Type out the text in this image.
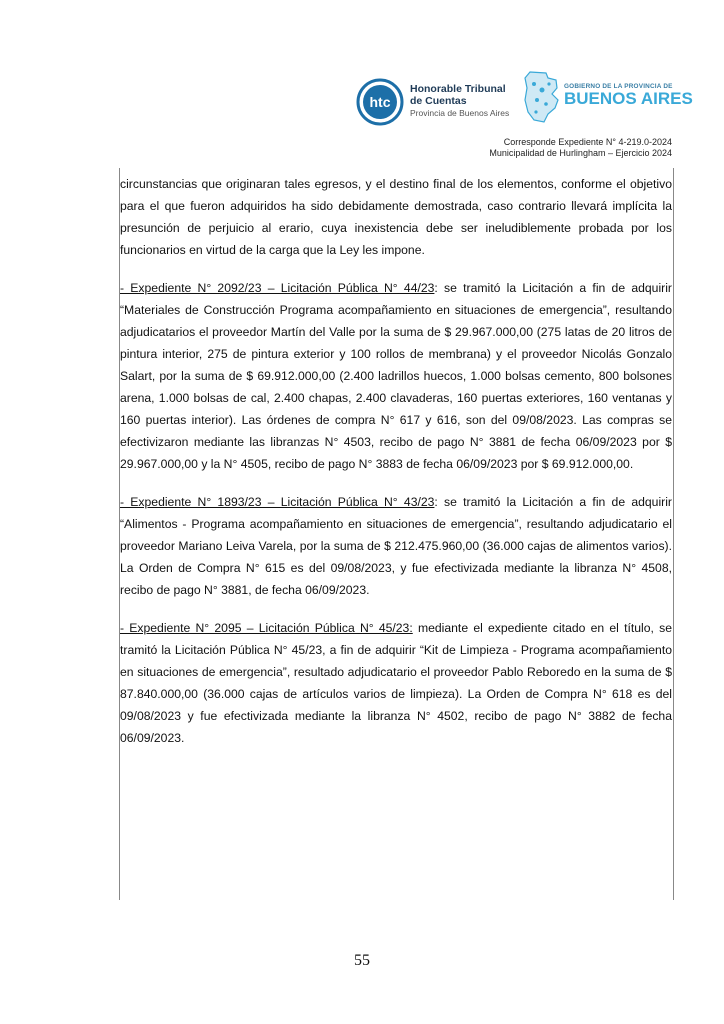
htc
Honorable Tribunal
de Cuentas
Provincia de Buenos Aires
GOBIERNO DE LA PROVINCIA DE
BUENOS AIRES
Corresponde Expediente N° 4-219.0-2024
Municipalidad de Hurlingham – Ejercicio 2024

circunstancias que originaran tales egresos, y el destino final de los elementos, conforme el objetivo para el que fueron adquiridos ha sido debidamente demostrada, caso contrario llevará implícita la presunción de perjuicio al erario, cuya inexistencia debe ser ineludiblemente probada por los funcionarios en virtud de la carga que la Ley les impone.

- Expediente N° 2092/23 – Licitación Pública N° 44/23: se tramitó la Licitación a fin de adquirir “Materiales de Construcción Programa acompañamiento en situaciones de emergencia”, resultando adjudicatarios el proveedor Martín del Valle por la suma de $ 29.967.000,00 (275 latas de 20 litros de pintura interior, 275 de pintura exterior y 100 rollos de membrana) y el proveedor Nicolás Gonzalo Salart, por la suma de $ 69.912.000,00 (2.400 ladrillos huecos, 1.000 bolsas cemento, 800 bolsones arena, 1.000 bolsas de cal, 2.400 chapas, 2.400 clavaderas, 160 puertas exteriores, 160 ventanas y 160 puertas interior). Las órdenes de compra N° 617 y 616, son del 09/08/2023. Las compras se efectivizaron mediante las libranzas N° 4503, recibo de pago N° 3881 de fecha 06/09/2023 por $ 29.967.000,00 y la N° 4505, recibo de pago N° 3883 de fecha 06/09/2023 por $ 69.912.000,00.

- Expediente N° 1893/23 – Licitación Pública N° 43/23: se tramitó la Licitación a fin de adquirir “Alimentos - Programa acompañamiento en situaciones de emergencia”, resultando adjudicatario el proveedor Mariano Leiva Varela, por la suma de $ 212.475.960,00 (36.000 cajas de alimentos varios). La Orden de Compra N° 615 es del 09/08/2023, y fue efectivizada mediante la libranza N° 4508, recibo de pago N° 3881, de fecha 06/09/2023.

- Expediente N° 2095 – Licitación Pública N° 45/23: mediante el expediente citado en el título, se tramitó la Licitación Pública N° 45/23, a fin de adquirir “Kit de Limpieza - Programa acompañamiento en situaciones de emergencia”, resultado adjudicatario el proveedor Pablo Reboredo en la suma de $ 87.840.000,00 (36.000 cajas de artículos varios de limpieza). La Orden de Compra N° 618 es del 09/08/2023 y fue efectivizada mediante la libranza N° 4502, recibo de pago N° 3882 de fecha 06/09/2023.

55
